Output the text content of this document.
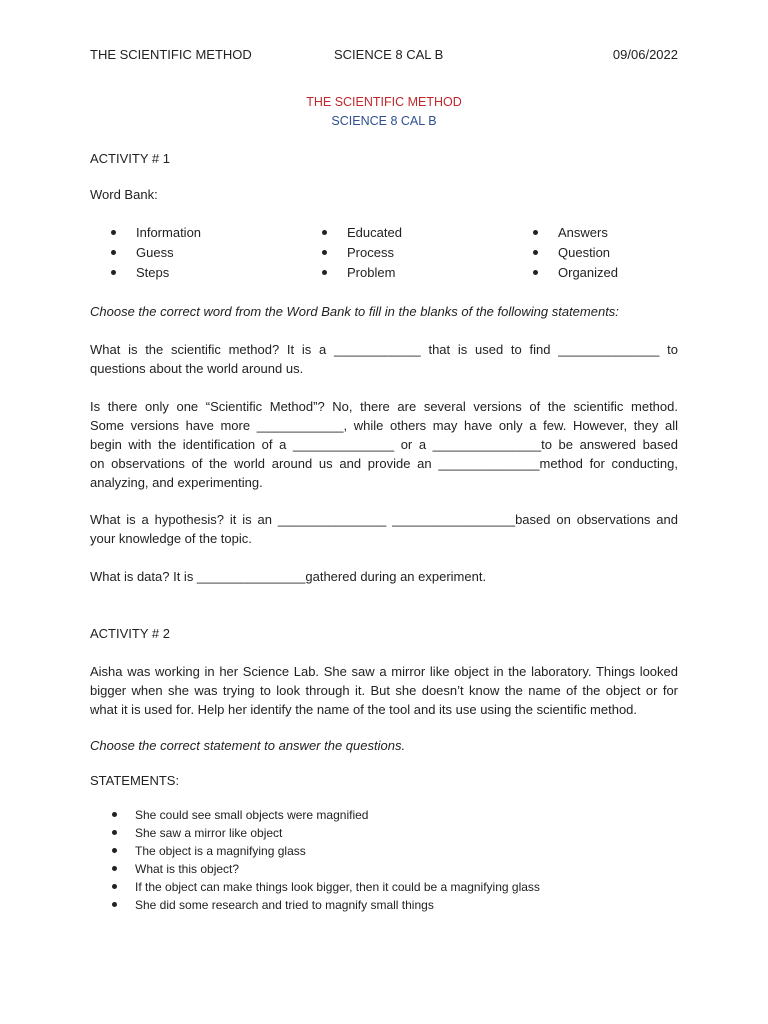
THE SCIENTIFIC METHOD	SCIENCE 8 CAL B	09/06/2022
THE SCIENTIFIC METHOD
SCIENCE 8 CAL B
ACTIVITY # 1
Word Bank:
Information
Guess
Steps
Educated
Process
Problem
Answers
Question
Organized
Choose the correct word from the Word Bank to fill in the blanks of the following statements:
What is the scientific method? It is a ____________ that is used to find ______________ to
questions about the world around us.
Is there only one “Scientific Method”? No, there are several versions of the scientific method.
Some versions have more ____________, while others may have only a few. However, they all
begin with the identification of a ______________ or a _______________to be answered based
on observations of the world around us and provide an ______________method for conducting,
analyzing, and experimenting.
What is a hypothesis? it is an _______________ _________________based on observations and
your knowledge of the topic.
What is data? It is _______________gathered during an experiment.
ACTIVITY # 2
Aisha was working in her Science Lab. She saw a mirror like object in the laboratory. Things looked
bigger when she was trying to look through it. But she doesn’t know the name of the object or for
what it is used for. Help her identify the name of the tool and its use using the scientific method.
Choose the correct statement to answer the questions.
STATEMENTS:
She could see small objects were magnified
She saw a mirror like object
The object is a magnifying glass
What is this object?
If the object can make things look bigger, then it could be a magnifying glass
She did some research and tried to magnify small things
